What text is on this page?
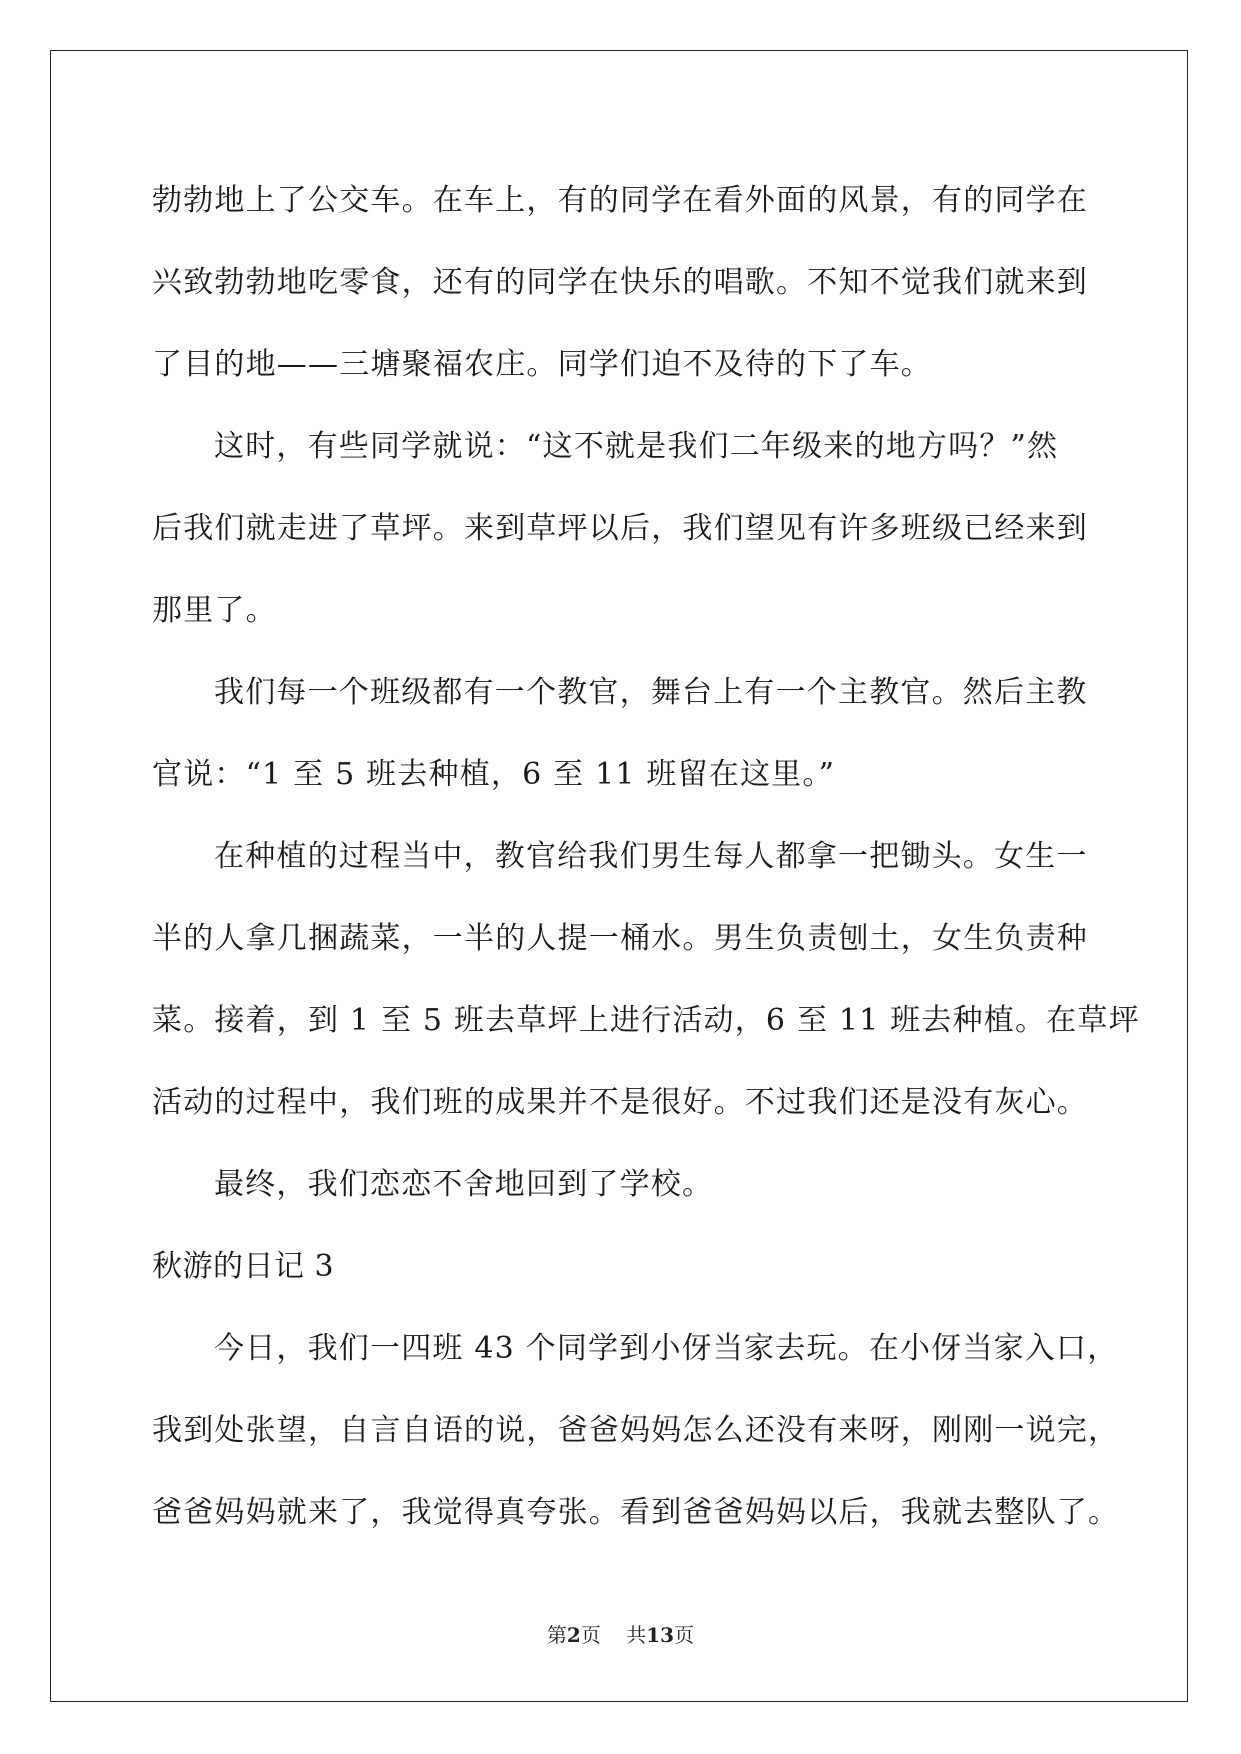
勃勃地上了公交车。在车上，有的同学在看外面的风景，有的同学在
兴致勃勃地吃零食，还有的同学在快乐的唱歌。不知不觉我们就来到
了目的地——三塘聚福农庄。同学们迫不及待的下了车。
这时，有些同学就说：“这不就是我们二年级来的地方吗？”然
后我们就走进了草坪。来到草坪以后，我们望见有许多班级已经来到
那里了。
我们每一个班级都有一个教官，舞台上有一个主教官。然后主教
官说：“1 至 5 班去种植，6 至 11 班留在这里。”
在种植的过程当中，教官给我们男生每人都拿一把锄头。女生一
半的人拿几捆蔬菜，一半的人提一桶水。男生负责刨土，女生负责种
菜。接着，到 1 至 5 班去草坪上进行活动，6 至 11 班去种植。在草坪
活动的过程中，我们班的成果并不是很好。不过我们还是没有灰心。
最终，我们恋恋不舍地回到了学校。
秋游的日记 3
今日，我们一四班 43 个同学到小伢当家去玩。在小伢当家入口，
我到处张望，自言自语的说，爸爸妈妈怎么还没有来呀，刚刚一说完，
爸爸妈妈就来了，我觉得真夸张。看到爸爸妈妈以后，我就去整队了。
第2页 共13页
